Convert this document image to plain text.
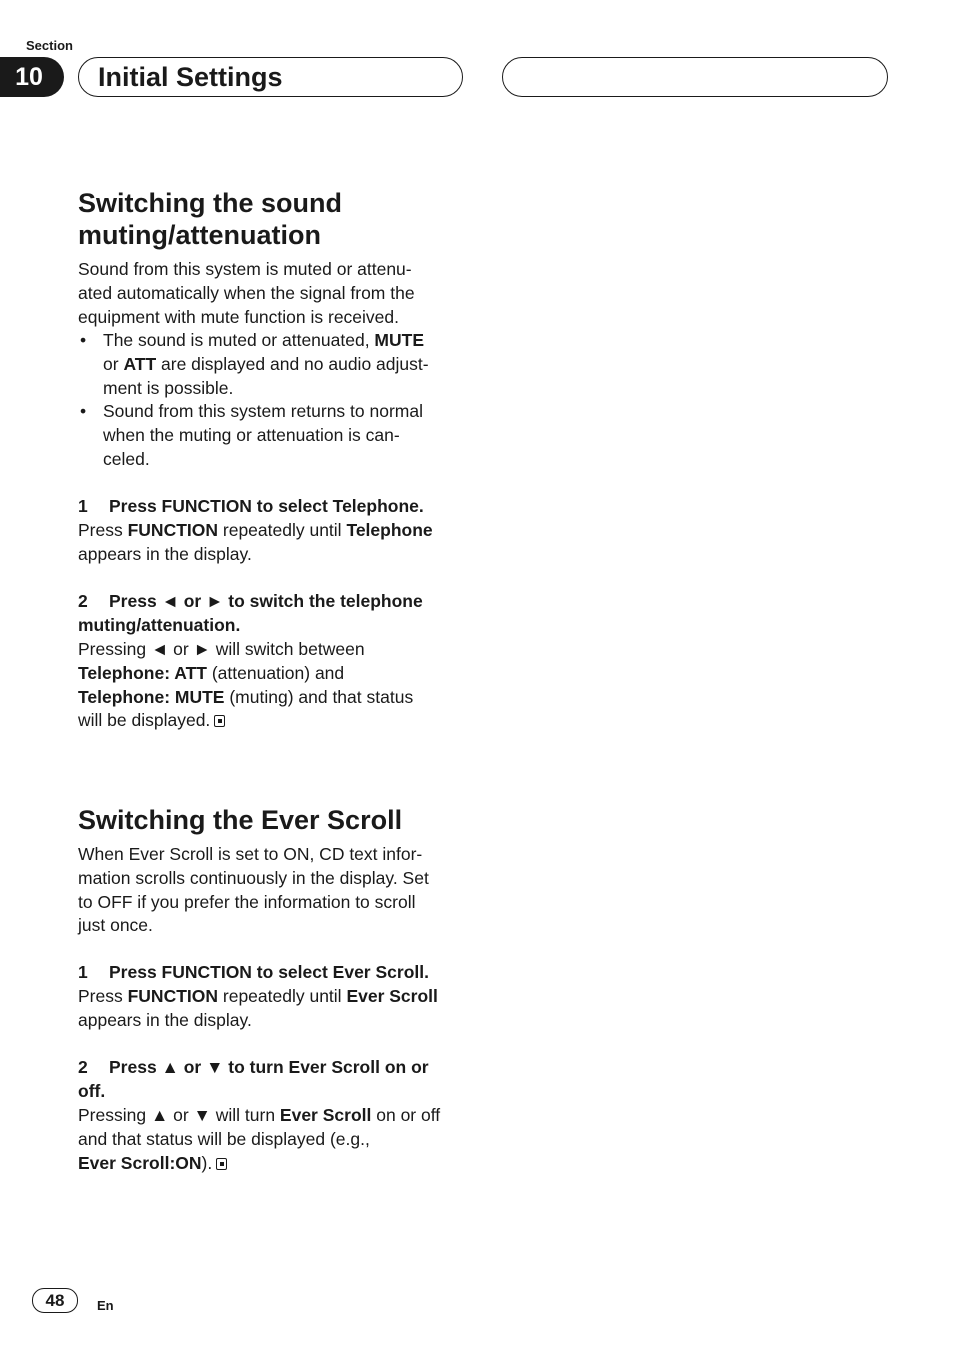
Section
10	Initial Settings
Switching the sound
muting/attenuation
Sound from this system is muted or attenu-
ated automatically when the signal from the
equipment with mute function is received.
• The sound is muted or attenuated, MUTE
or ATT are displayed and no audio adjust-
ment is possible.
• Sound from this system returns to normal
when the muting or attenuation is can-
celed.
1 Press FUNCTION to select Telephone.
Press FUNCTION repeatedly until Telephone
appears in the display.
2 Press ◄ or ► to switch the telephone
muting/attenuation.
Pressing ◄ or ► will switch between
Telephone: ATT (attenuation) and
Telephone: MUTE (muting) and that status
will be displayed.
Switching the Ever Scroll
When Ever Scroll is set to ON, CD text infor-
mation scrolls continuously in the display. Set
to OFF if you prefer the information to scroll
just once.
1 Press FUNCTION to select Ever Scroll.
Press FUNCTION repeatedly until Ever Scroll
appears in the display.
2 Press ▲ or ▼ to turn Ever Scroll on or
off.
Pressing ▲ or ▼ will turn Ever Scroll on or off
and that status will be displayed (e.g.,
Ever Scroll:ON).
48	En
